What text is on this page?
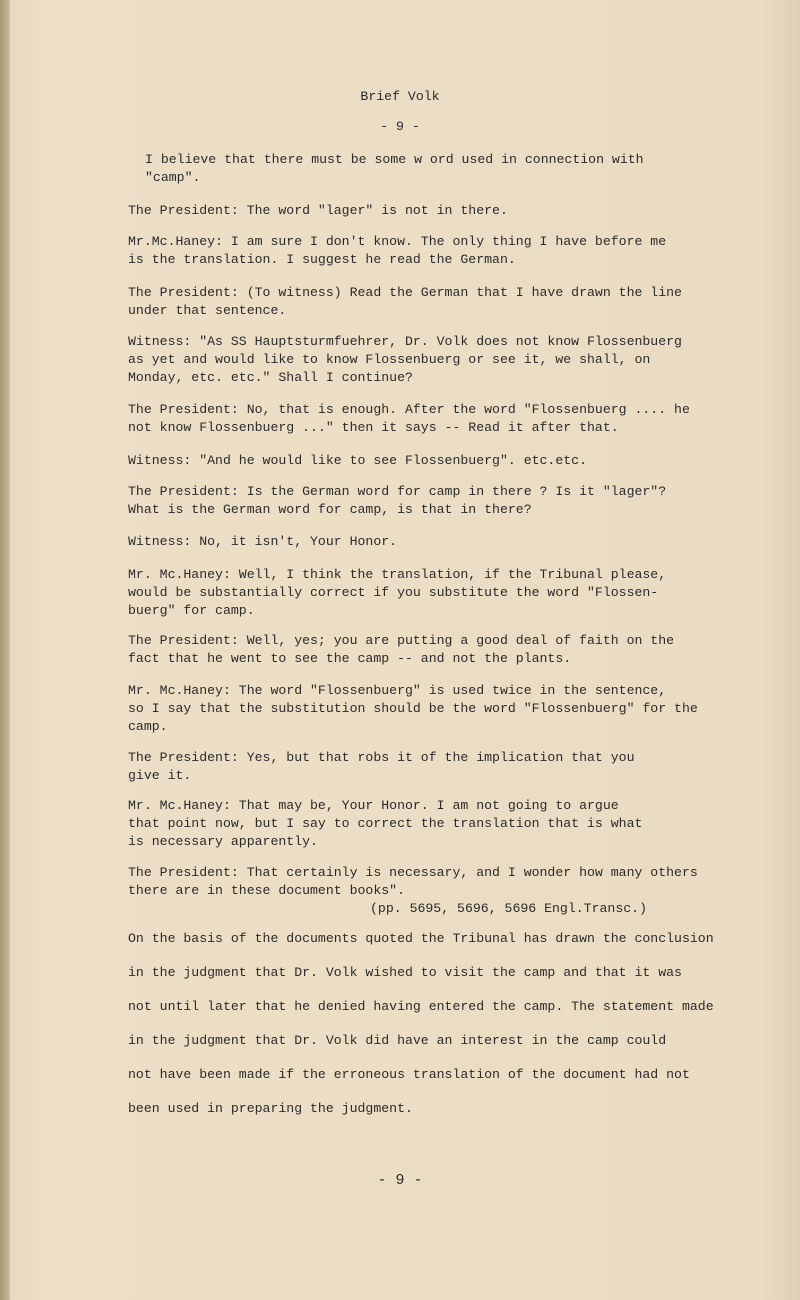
Brief Volk
- 9 -
I believe that there must be some w ord used in connection with
"camp".
The President: The word "lager" is not in there.
Mr.Mc.Haney: I am sure I don't know. The only thing I have before me
is the translation. I suggest he read the German.
The President: (To witness) Read the German that I have drawn the line
under that sentence.
Witness: "As SS Hauptsturmfuehrer, Dr. Volk does not know Flossenbuerg
as yet and would like to know Flossenbuerg or see it, we shall, on
Monday, etc. etc." Shall I continue?
The President: No, that is enough. After the word "Flossenbuerg .... he
not know Flossenbuerg ..." then it says -- Read it after that.
Witness: "And he would like to see Flossenbuerg". etc.etc.
The President: Is the German word for camp in there ? Is it "lager"?
What is the German word for camp, is that in there?
Witness: No, it isn't, Your Honor.
Mr. Mc.Haney: Well, I think the translation, if the Tribunal please,
would be substantially correct if you substitute the word "Flossen-
buerg" for camp.
The President: Well, yes; you are putting a good deal of faith on the
fact that he went to see the camp -- and not the plants.
Mr. Mc.Haney: The word "Flossenbuerg" is used twice in the sentence,
so I say that the substitution should be the word "Flossenbuerg" for the
camp.
The President: Yes, but that robs it of the implication that you
give it.
Mr. Mc.Haney: That may be, Your Honor. I am not going to argue
that point now, but I say to correct the translation that is what
is necessary apparently.
The President: That certainly is necessary, and I wonder how many others
there are in these document books".
(pp. 5695, 5696, 5696 Engl.Transc.)
On the basis of the documents quoted the Tribunal has drawn the conclusion
in the judgment that Dr. Volk wished to visit the camp and that it was
not until later that he denied having entered the camp. The statement made
in the judgment that Dr. Volk did have an interest in the camp could
not have been made if the erroneous translation of the document had not
been used in preparing the judgment.
- 9 -
